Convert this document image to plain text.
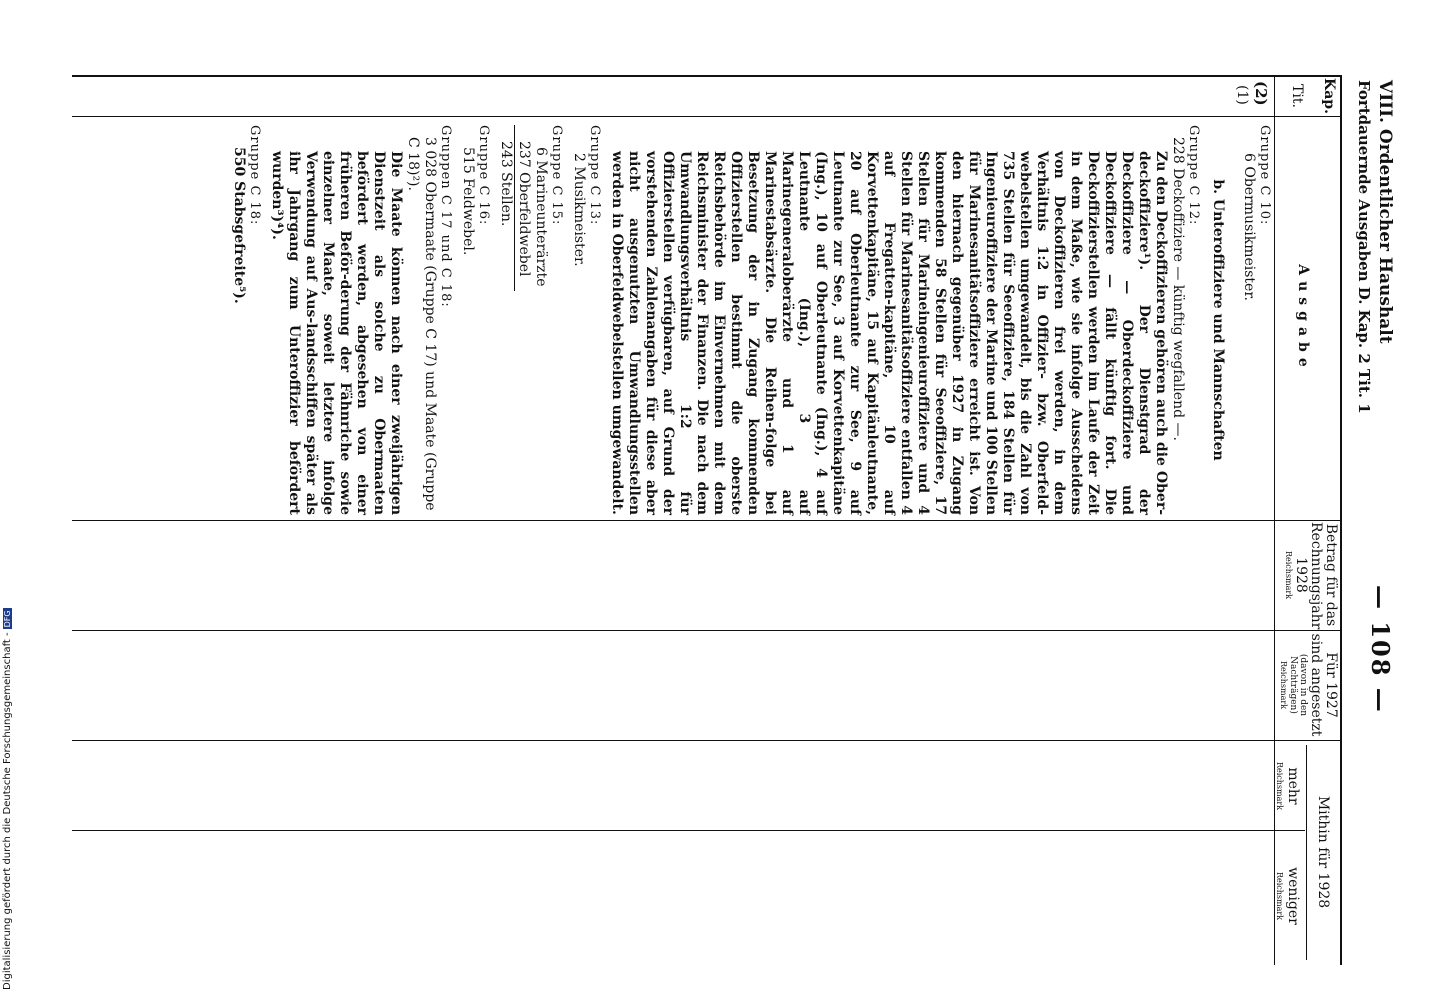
VIII. Ordentlicher Haushalt
Fortdauernde Ausgaben D. Kap. 2 Tit. 1
— 108 —
Kap.
Tit.
Ausgabe
Betrag für das
Rechnungsjahr
1928
Reichsmark
Für 1927
sind angesetzt
(davon in den
Nachträgen)
Reichsmark
Mithin für 1928
mehr
weniger
Reichsmark
Reichsmark
(2)
(1)
Gruppe C 10:
6 Obermusikmeister.
b. Unteroffiziere und Mannschaften
Gruppe C 12:
228 Deckoffiziere — künftig wegfallend —.
Zu den Deckoffizieren gehören auch die Ober-deckoffiziere¹). Der Dienstgrad der Deckoffiziere — Oberdeckoffiziere und Deckoffiziere — fällt künftig fort. Die Deckoffizierstellen werden im Laufe der Zeit in dem Maße, wie sie infolge Ausscheidens von Deckoffizieren frei werden, in dem Verhältnis 1:2 in Offizier- bzw. Oberfeld-webelstellen umgewandelt, bis die Zahl von 735 Stellen für Seeoffiziere, 184 Stellen für Ingenieuroffiziere der Marine und 100 Stellen für Marinesanitätsoffiziere erreicht ist. Von den hiernach gegenüber 1927 in Zugang kommenden 58 Stellen für Seeoffiziere, 17 Stellen für Marineingenieuroffiziere und 4 Stellen für Marinesanitätsoffiziere entfallen 4 auf Fregatten-kapitäne, 10 auf Korvettenkapitäne, 15 auf Kapitänleutnante, 20 auf Oberleutnante zur See, 9 auf Leutnante zur See, 3 auf Korvettenkapitäne (Ing.), 10 auf Oberleutnante (Ing.), 4 auf Leutnante (Ing.), 3 auf Marinegeneraloberärzte und 1 auf Marinestabsärzte. Die Reihen-folge bei Besetzung der in Zugang kommenden Offizierstellen bestimmt die oberste Reichsbehörde im Einvernehmen mit dem Reichsminister der Finanzen. Die nach dem Umwandlungsverhältnis 1:2 für Offizierstellen verfügbaren, auf Grund der vorstehenden Zahlenangaben für diese aber nicht ausgenutzten Umwandlungsstellen werden in Oberfeldwebelstellen umgewandelt.
Gruppe C 13:
2 Musikmeister.
Gruppe C 15:
6 Marineunterärzte
237 Oberfeldwebel
243 Stellen.
Gruppe C 16:
515 Feldwebel.
Gruppen C 17 und C 18:
3 028 Obermaate (Gruppe C 17) und Maate (Gruppe C 18)²).
Die Maate können nach einer zweijährigen Dienstzeit als solche zu Obermaaten befördert werden, abgesehen von einer früheren Beför-derung der Fähnriche sowie einzelner Maate, soweit letztere infolge Verwendung auf Aus-landsschiffen später als ihr Jahrgang zum Unteroffizier befördert wurden³)⁴).
Gruppe C 18:
550 Stabsgefreite⁵).
Digitalisierung gefördert durch die Deutsche Forschungsgemeinschaft -DFG
